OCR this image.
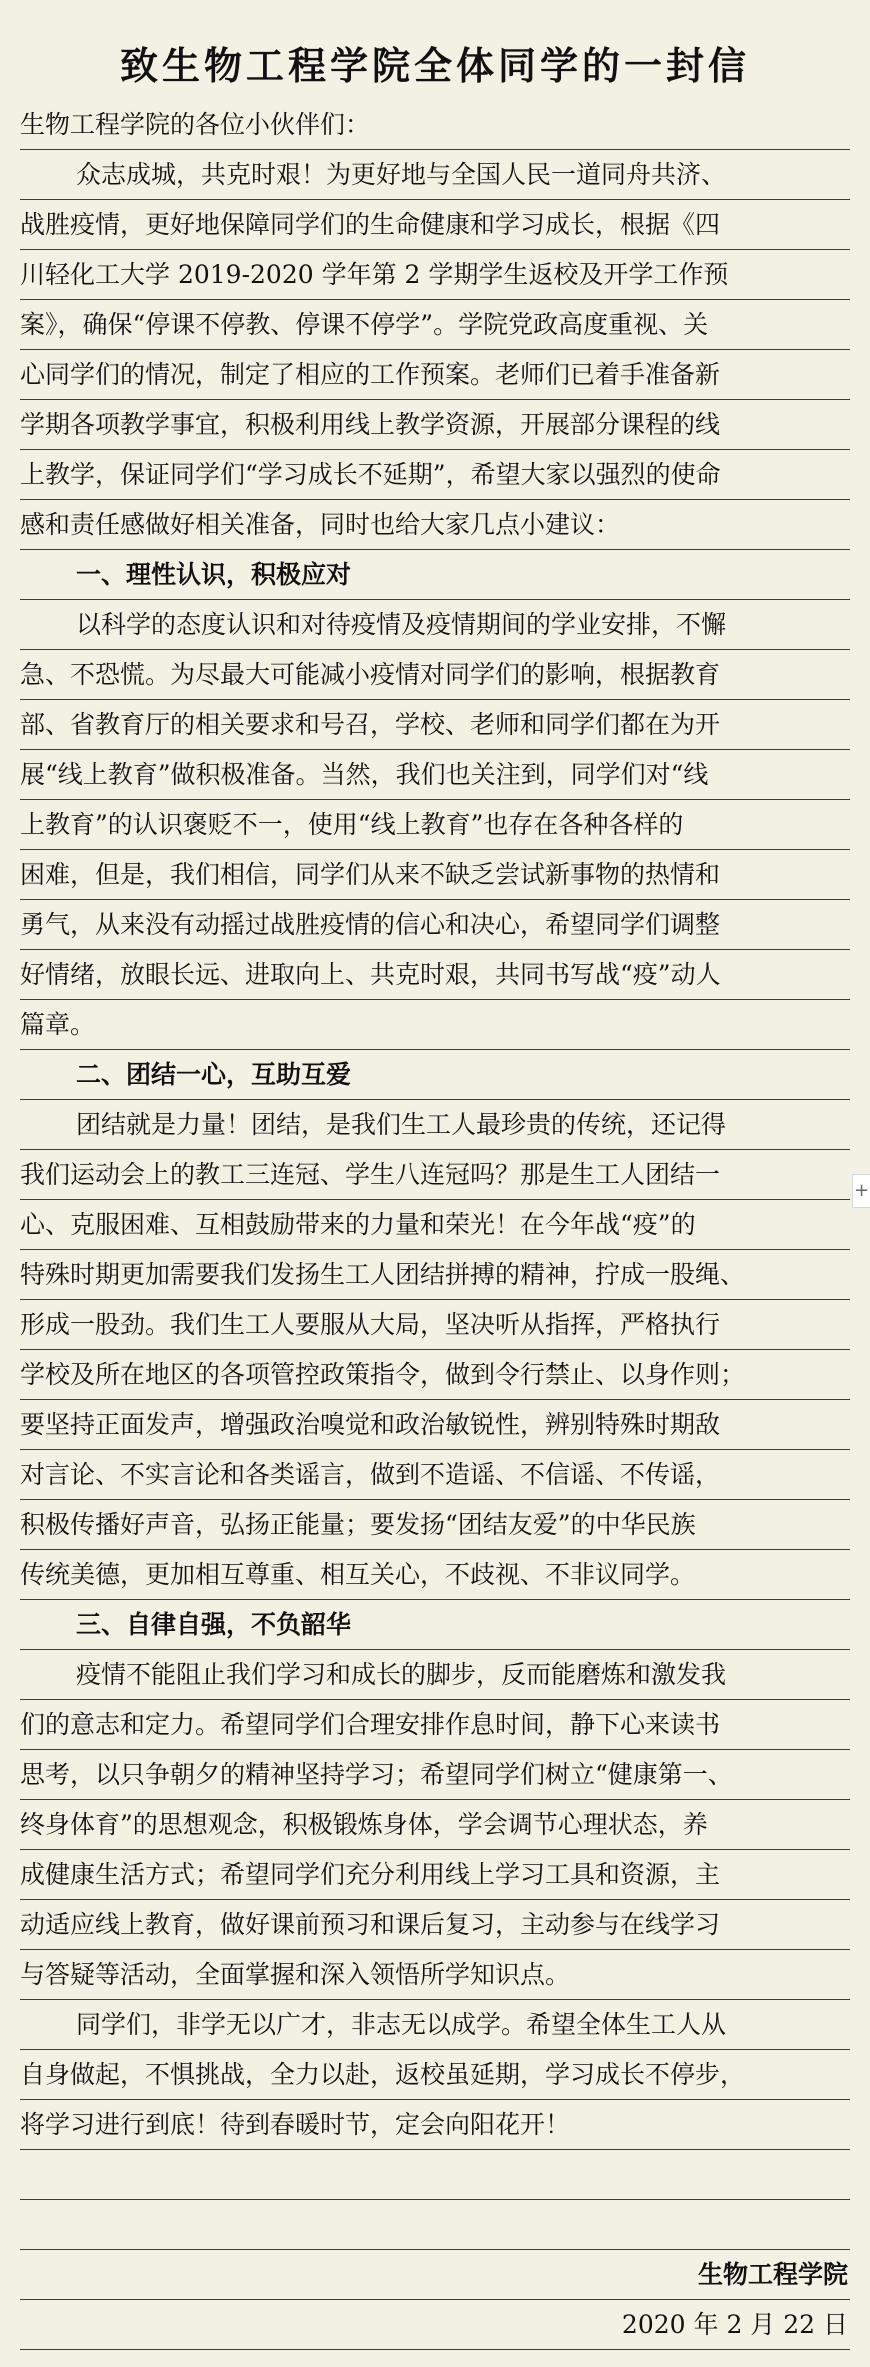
致生物工程学院全体同学的一封信
生物工程学院的各位小伙伴们：
众志成城，共克时艰！为更好地与全国人民一道同舟共济、
战胜疫情，更好地保障同学们的生命健康和学习成长，根据《四
川轻化工大学 2019-2020 学年第 2 学期学生返校及开学工作预
案》，确保“停课不停教、停课不停学”。学院党政高度重视、关
心同学们的情况，制定了相应的工作预案。老师们已着手准备新
学期各项教学事宜，积极利用线上教学资源，开展部分课程的线
上教学，保证同学们“学习成长不延期”，希望大家以强烈的使命
感和责任感做好相关准备，同时也给大家几点小建议：
一、理性认识，积极应对
以科学的态度认识和对待疫情及疫情期间的学业安排，不懈
急、不恐慌。为尽最大可能减小疫情对同学们的影响，根据教育
部、省教育厅的相关要求和号召，学校、老师和同学们都在为开
展“线上教育”做积极准备。当然，我们也关注到，同学们对“线
上教育”的认识褒贬不一，使用“线上教育”也存在各种各样的
困难，但是，我们相信，同学们从来不缺乏尝试新事物的热情和
勇气，从来没有动摇过战胜疫情的信心和决心，希望同学们调整
好情绪，放眼长远、进取向上、共克时艰，共同书写战“疫”动人
篇章。
二、团结一心，互助互爱
团结就是力量！团结，是我们生工人最珍贵的传统，还记得
我们运动会上的教工三连冠、学生八连冠吗？那是生工人团结一
心、克服困难、互相鼓励带来的力量和荣光！在今年战“疫”的
特殊时期更加需要我们发扬生工人团结拼搏的精神，拧成一股绳、
形成一股劲。我们生工人要服从大局，坚决听从指挥，严格执行
学校及所在地区的各项管控政策指令，做到令行禁止、以身作则；
要坚持正面发声，增强政治嗅觉和政治敏锐性，辨别特殊时期敌
对言论、不实言论和各类谣言，做到不造谣、不信谣、不传谣，
积极传播好声音，弘扬正能量；要发扬“团结友爱”的中华民族
传统美德，更加相互尊重、相互关心，不歧视、不非议同学。
三、自律自强，不负韶华
疫情不能阻止我们学习和成长的脚步，反而能磨炼和激发我
们的意志和定力。希望同学们合理安排作息时间，静下心来读书
思考，以只争朝夕的精神坚持学习；希望同学们树立“健康第一、
终身体育”的思想观念，积极锻炼身体，学会调节心理状态，养
成健康生活方式；希望同学们充分利用线上学习工具和资源，主
动适应线上教育，做好课前预习和课后复习，主动参与在线学习
与答疑等活动，全面掌握和深入领悟所学知识点。
同学们，非学无以广才，非志无以成学。希望全体生工人从
自身做起，不惧挑战，全力以赴，返校虽延期，学习成长不停步，
将学习进行到底！待到春暖时节，定会向阳花开！
生物工程学院
2020 年 2 月 22 日
+
